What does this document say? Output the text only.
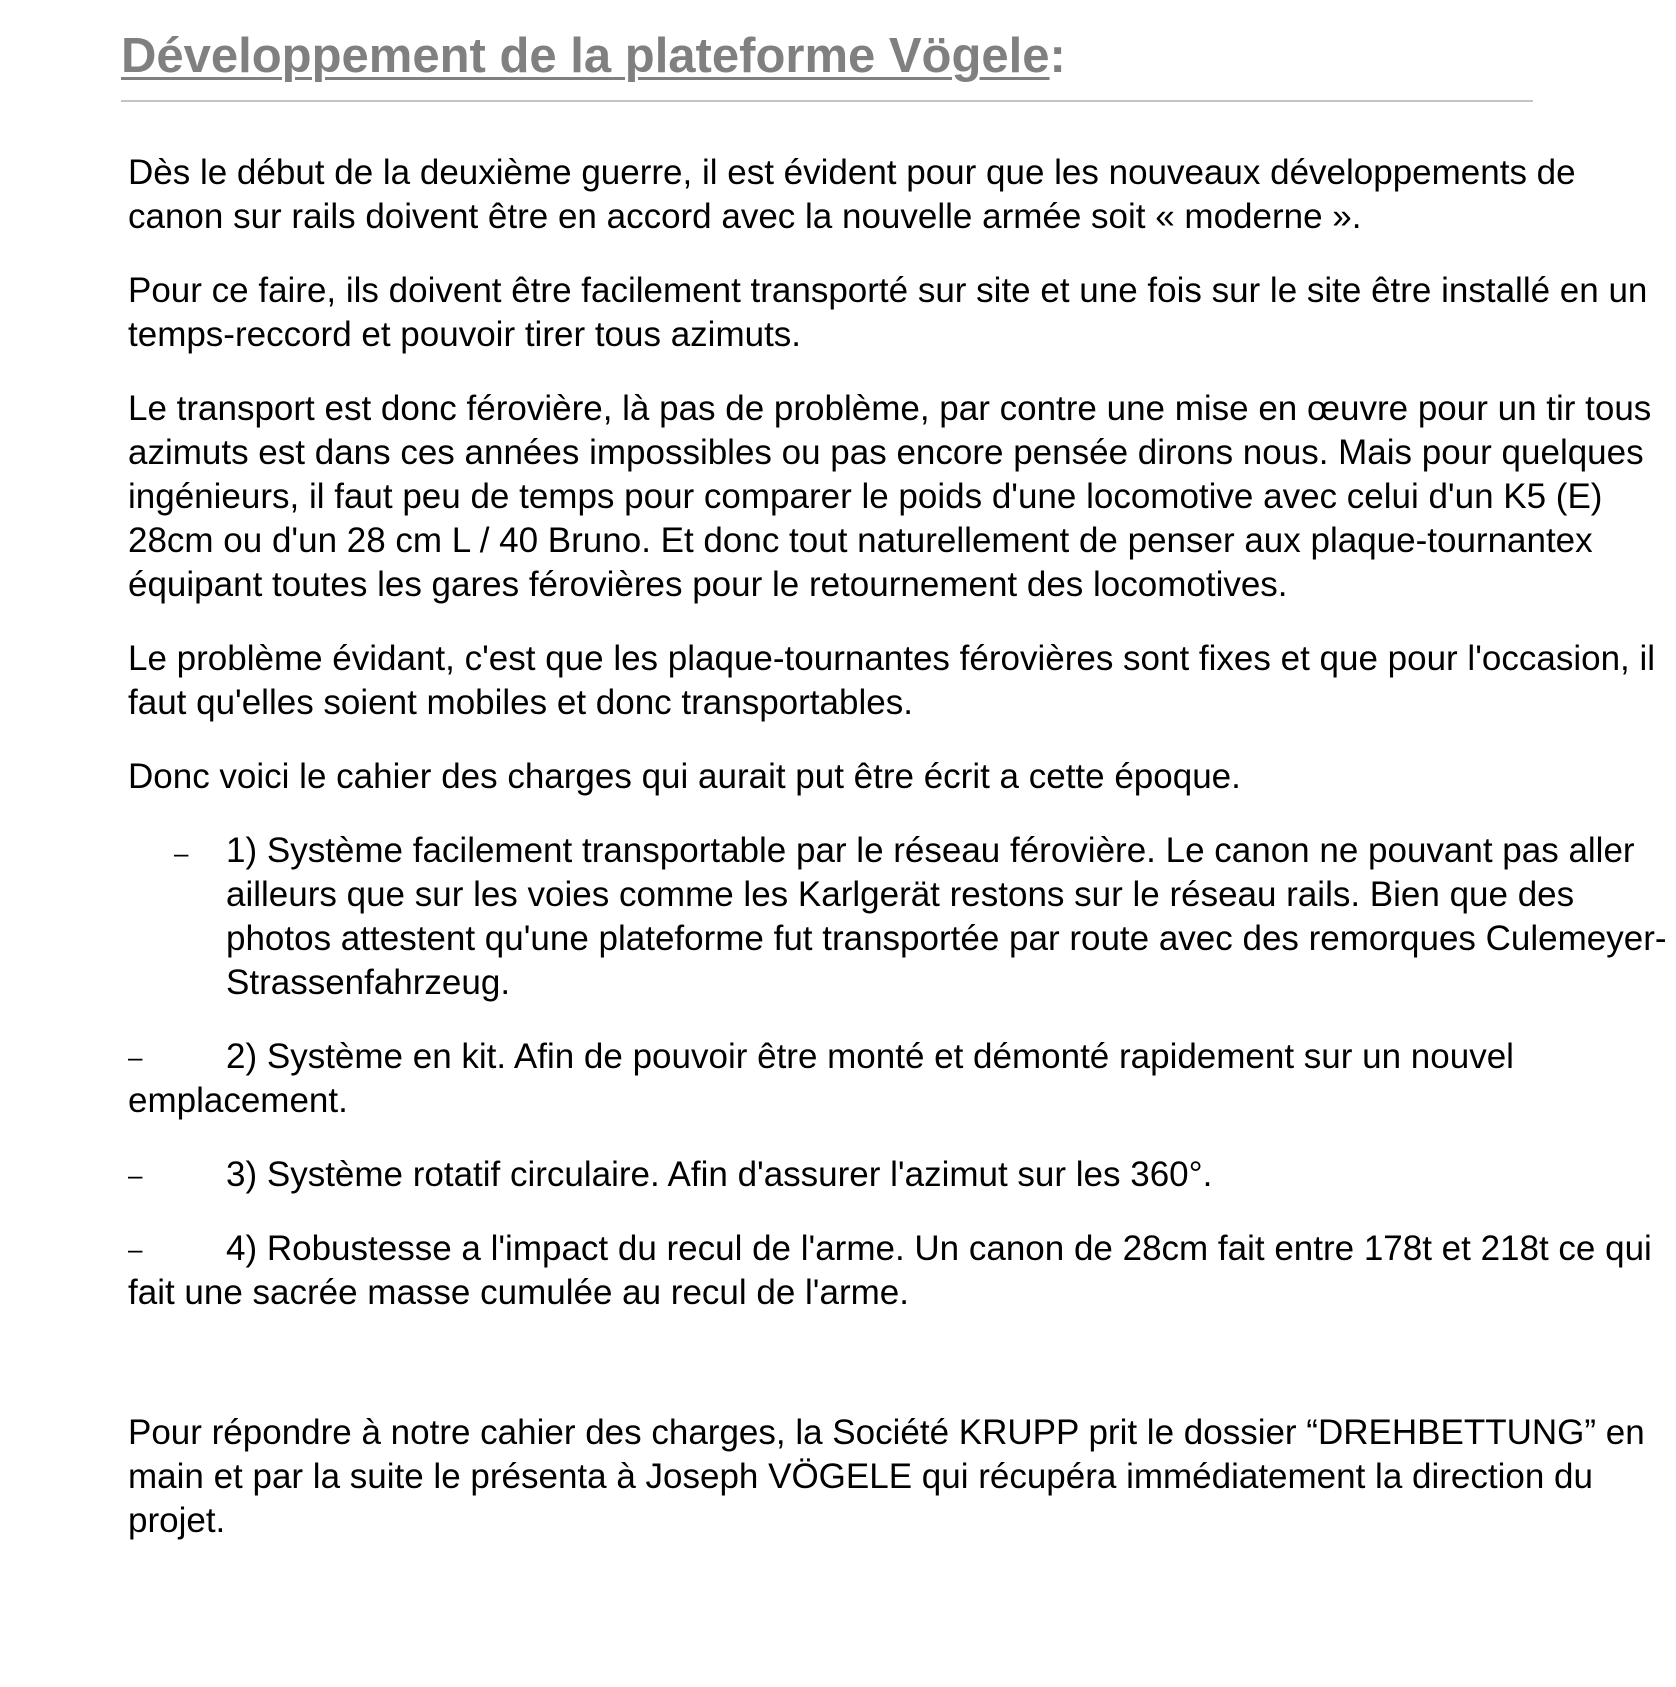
Développement de la plateforme Vögele:

Dès le début de la deuxième guerre, il est évident pour que les nouveaux développements de canon sur rails doivent être en accord avec la nouvelle armée soit « moderne ».

Pour ce faire, ils doivent être facilement transporté sur site et une fois sur le site être installé en un temps-reccord et pouvoir tirer tous azimuts.

Le transport est donc férovière, là pas de problème, par contre une mise en œuvre pour un tir tous azimuts est dans ces années impossibles ou pas encore pensée dirons nous. Mais pour quelques ingénieurs, il faut peu de temps pour comparer le poids d'une locomotive avec celui d'un K5 (E) 28cm ou d'un 28 cm L / 40 Bruno. Et donc tout naturellement de penser aux plaque-tournantex équipant toutes les gares férovières pour le retournement des locomotives.

Le problème évidant, c'est que les plaque-tournantes férovières sont fixes et que pour l'occasion, il faut qu'elles soient mobiles et donc transportables.

Donc voici le cahier des charges qui aurait put être écrit a cette époque.

– 1) Système facilement transportable par le réseau férovière. Le canon ne pouvant pas aller ailleurs que sur les voies comme les Karlgerät restons sur le réseau rails. Bien que des photos attestent qu'une plateforme fut transportée par route avec des remorques Culemeyer-Strassenfahrzeug.
– 2) Système en kit. Afin de pouvoir être monté et démonté rapidement sur un nouvel emplacement.
– 3) Système rotatif circulaire. Afin d'assurer l'azimut sur les 360°.
– 4) Robustesse a l'impact du recul de l'arme. Un canon de 28cm fait entre 178t et 218t ce qui fait une sacrée masse cumulée au recul de l'arme.

Pour répondre à notre cahier des charges, la Société KRUPP prit le dossier “DREHBETTUNG” en main et par la suite le présenta à Joseph VÖGELE qui récupéra immédiatement la direction du projet.
